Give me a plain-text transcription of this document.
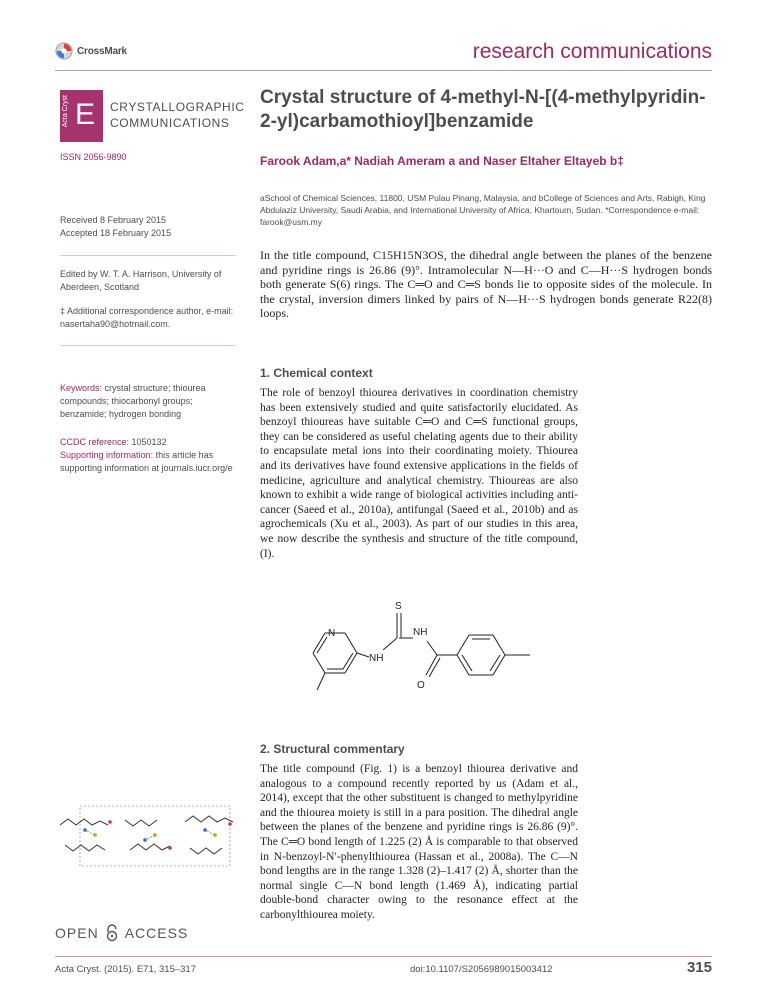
CrossMark	research communications
Acta Cryst E CRYSTALLOGRAPHIC
COMMUNICATIONS
ISSN 2056-9890
Received 8 February 2015
Accepted 18 February 2015
Edited by W. T. A. Harrison, University of Aberdeen, Scotland
‡ Additional correspondence author, e-mail: nasertaha90@hotmail.com.
Keywords: crystal structure; thiourea compounds; thiocarbonyl groups; benzamide; hydrogen bonding
CCDC reference: 1050132
Supporting information: this article has supporting information at journals.iucr.org/e
Crystal structure of 4-methyl-N-[(4-methylpyridin-2-yl)carbamothioyl]benzamide
Farook Adam,a* Nadiah Ameram a and Naser Eltaher Eltayeb b‡
aSchool of Chemical Sciences, 11800, USM Pulau Pinang, Malaysia, and bCollege of Sciences and Arts, Rabigh, King Abdulaziz University, Saudi Arabia, and International University of Africa, Khartoum, Sudan. *Correspondence e-mail: farook@usm.my
In the title compound, C15H15N3OS, the dihedral angle between the planes of the benzene and pyridine rings is 26.86 (9)°. Intramolecular N—H···O and C—H···S hydrogen bonds both generate S(6) rings. The C═O and C═S bonds lie to opposite sides of the molecule. In the crystal, inversion dimers linked by pairs of N—H···S hydrogen bonds generate R22(8) loops.
1. Chemical context
The role of benzoyl thiourea derivatives in coordination chemistry has been extensively studied and quite satisfactorily elucidated. As benzoyl thioureas have suitable C═O and C═S functional groups, they can be considered as useful chelating agents due to their ability to encapsulate metal ions into their coordinating moiety. Thiourea and its derivatives have found extensive applications in the fields of medicine, agriculture and analytical chemistry. Thioureas are also known to exhibit a wide range of biological activities including anti-cancer (Saeed et al., 2010a), antifungal (Saeed et al., 2010b) and as agrochemicals (Xu et al., 2003). As part of our studies in this area, we now describe the synthesis and structure of the title compound, (I).
N
NH
S
NH
O
2. Structural commentary
The title compound (Fig. 1) is a benzoyl thiourea derivative and analogous to a compound recently reported by us (Adam et al., 2014), except that the other substituent is changed to methylpyridine and the thiourea moiety is still in a para position. The dihedral angle between the planes of the benzene and pyridine rings is 26.86 (9)°. The C═O bond length of 1.225 (2) Å is comparable to that observed in N-benzoyl-N′-phenylthiourea (Hassan et al., 2008a). The C—N bond lengths are in the range 1.328 (2)–1.417 (2) Å, shorter than the normal single C—N bond length (1.469 Å), indicating partial double-bond character owing to the resonance effect at the carbonylthiourea moiety.
OPEN ACCESS
Acta Cryst. (2015). E71, 315–317	doi:10.1107/S2056989015003412	315
